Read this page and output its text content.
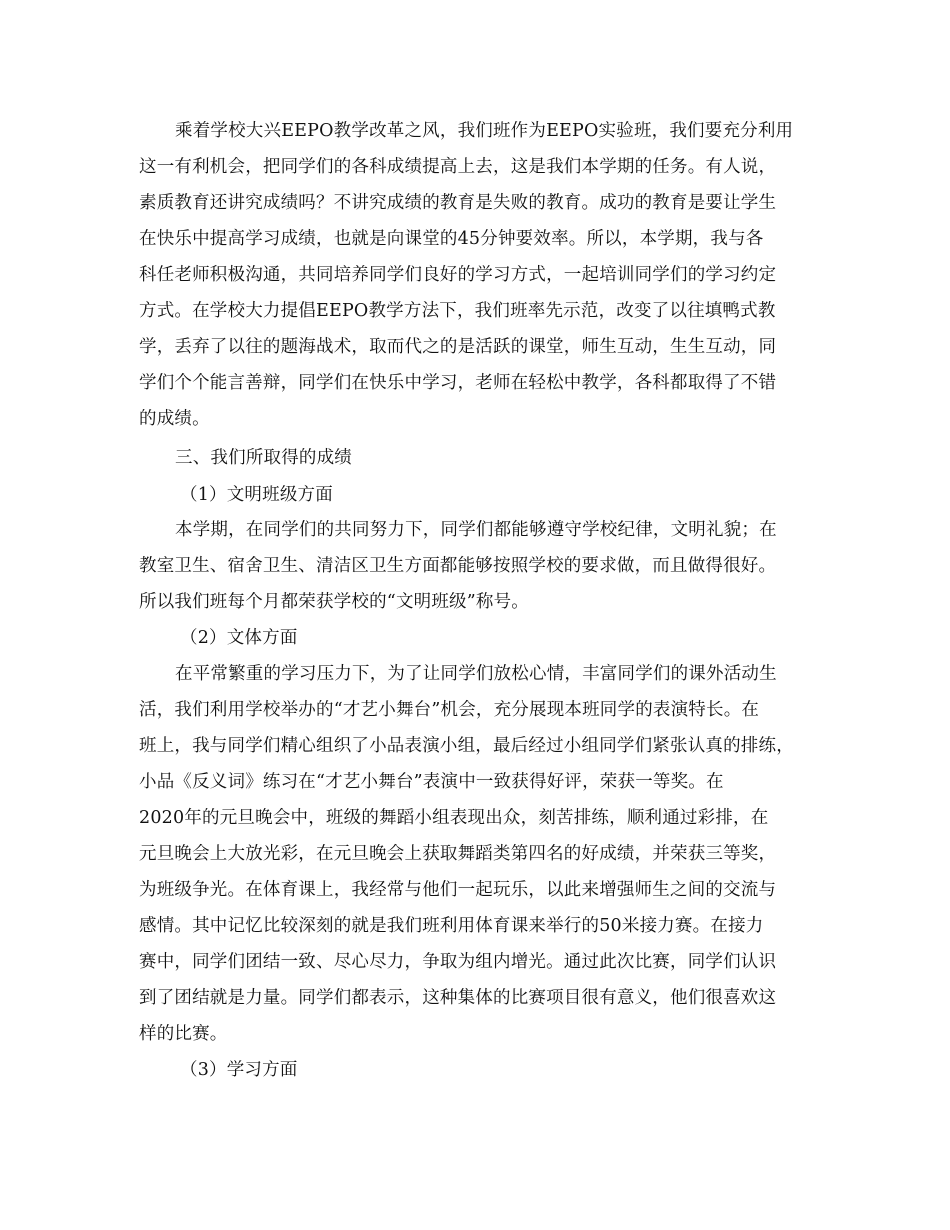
乘着学校大兴EEPO教学改革之风，我们班作为EEPO实验班，我们要充分利用
这一有利机会，把同学们的各科成绩提高上去，这是我们本学期的任务。有人说，
素质教育还讲究成绩吗？不讲究成绩的教育是失败的教育。成功的教育是要让学生
在快乐中提高学习成绩，也就是向课堂的45分钟要效率。所以，本学期，我与各
科任老师积极沟通，共同培养同学们良好的学习方式，一起培训同学们的学习约定
方式。在学校大力提倡EEPO教学方法下，我们班率先示范，改变了以往填鸭式教
学，丢弃了以往的题海战术，取而代之的是活跃的课堂，师生互动，生生互动，同
学们个个能言善辩，同学们在快乐中学习，老师在轻松中教学，各科都取得了不错
的成绩。
三、我们所取得的成绩
（1）文明班级方面
本学期，在同学们的共同努力下，同学们都能够遵守学校纪律，文明礼貌；在
教室卫生、宿舍卫生、清洁区卫生方面都能够按照学校的要求做，而且做得很好。
所以我们班每个月都荣获学校的“文明班级”称号。
（2）文体方面
在平常繁重的学习压力下，为了让同学们放松心情，丰富同学们的课外活动生
活，我们利用学校举办的“才艺小舞台”机会，充分展现本班同学的表演特长。在
班上，我与同学们精心组织了小品表演小组，最后经过小组同学们紧张认真的排练，
小品《反义词》练习在“才艺小舞台”表演中一致获得好评，荣获一等奖。在
2020年的元旦晚会中，班级的舞蹈小组表现出众，刻苦排练，顺利通过彩排，在
元旦晚会上大放光彩，在元旦晚会上获取舞蹈类第四名的好成绩，并荣获三等奖，
为班级争光。在体育课上，我经常与他们一起玩乐，以此来增强师生之间的交流与
感情。其中记忆比较深刻的就是我们班利用体育课来举行的50米接力赛。在接力
赛中，同学们团结一致、尽心尽力，争取为组内增光。通过此次比赛，同学们认识
到了团结就是力量。同学们都表示，这种集体的比赛项目很有意义，他们很喜欢这
样的比赛。
（3）学习方面
